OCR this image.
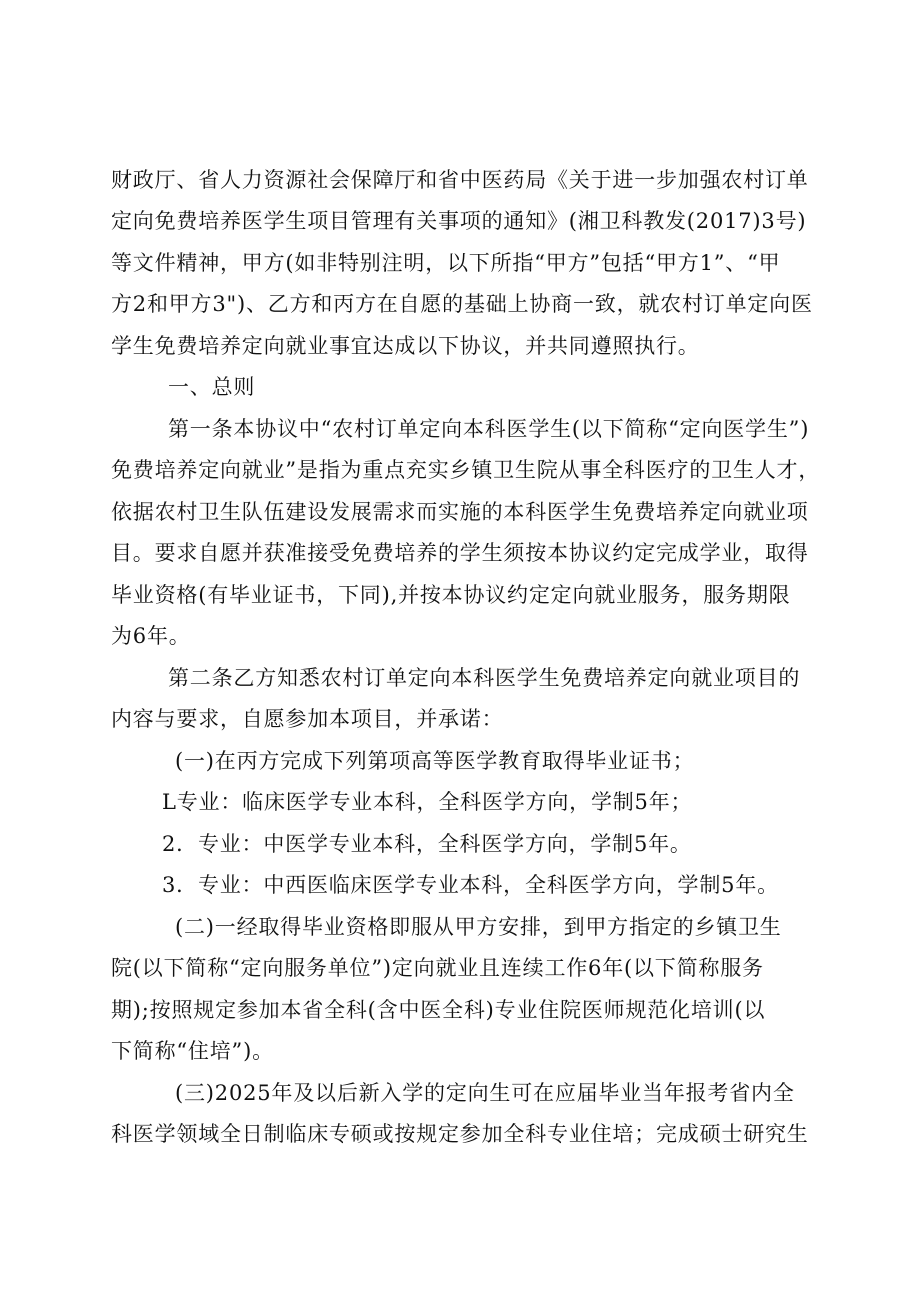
财政厅、省人力资源社会保障厅和省中医药局《关于进一步加强农村订单
定向免费培养医学生项目管理有关事项的通知》(湘卫科教发(2017)3号)
等文件精神，甲方(如非特别注明，以下所指“甲方”包括“甲方1”、“甲
方2和甲方3")、乙方和丙方在自愿的基础上协商一致，就农村订单定向医
学生免费培养定向就业事宜达成以下协议，并共同遵照执行。
一、总则
第一条本协议中“农村订单定向本科医学生(以下简称“定向医学生”)
免费培养定向就业”是指为重点充实乡镇卫生院从事全科医疗的卫生人才，
依据农村卫生队伍建设发展需求而实施的本科医学生免费培养定向就业项
目。要求自愿并获准接受免费培养的学生须按本协议约定完成学业，取得
毕业资格(有毕业证书，下同),并按本协议约定定向就业服务，服务期限
为6年。
第二条乙方知悉农村订单定向本科医学生免费培养定向就业项目的
内容与要求，自愿参加本项目，并承诺：
(一)在丙方完成下列第项高等医学教育取得毕业证书；
L专业：临床医学专业本科，全科医学方向，学制5年；
2．专业：中医学专业本科，全科医学方向，学制5年。
3．专业：中西医临床医学专业本科，全科医学方向，学制5年。
(二)一经取得毕业资格即服从甲方安排，到甲方指定的乡镇卫生
院(以下简称“定向服务单位”)定向就业且连续工作6年(以下简称服务
期);按照规定参加本省全科(含中医全科)专业住院医师规范化培训(以
下简称“住培”)。
(三)2025年及以后新入学的定向生可在应届毕业当年报考省内全
科医学领域全日制临床专硕或按规定参加全科专业住培；完成硕士研究生
